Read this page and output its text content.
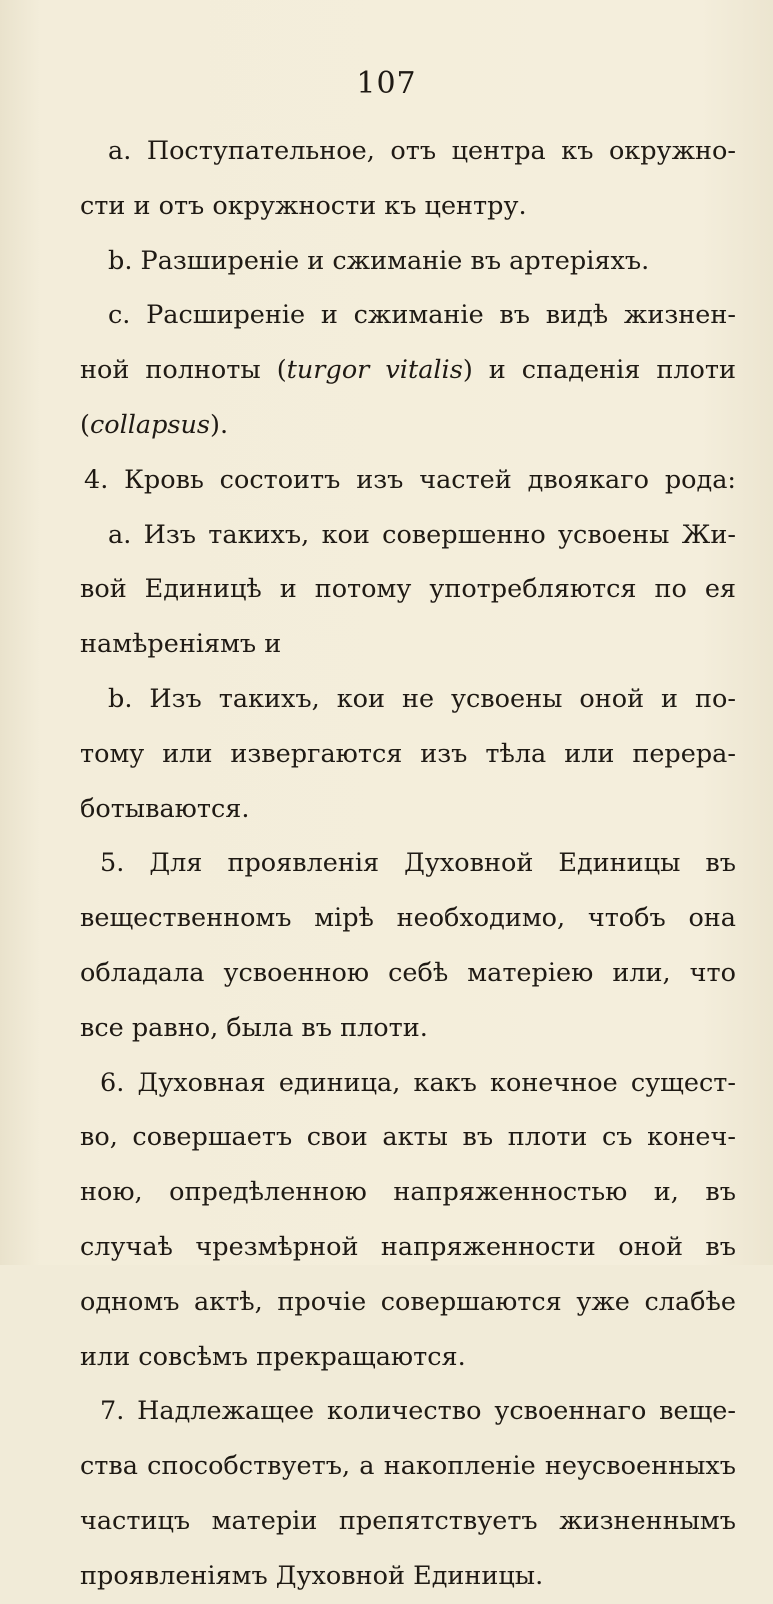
107
a. Поступательное, отъ центра къ окружно-
сти и отъ окружности къ центру.
b. Разширеніе и сжиманіе въ артеріяхъ.
c. Расширеніе и сжиманіе въ видѣ жизнен-
ной полноты (turgor vitalis) и спаденія плоти
(collapsus).
4. Кровь состоитъ изъ частей двоякаго рода:
a. Изъ такихъ, кои совершенно усвоены Жи-
вой Единицѣ и потому употребляются по ея
намѣреніямъ и
b. Изъ такихъ, кои не усвоены оной и по-
тому или извергаются изъ тѣла или перера-
ботываются.
5. Для проявленія Духовной Единицы въ
вещественномъ мірѣ необходимо, чтобъ она
обладала усвоенною себѣ матеріею или, что
все равно, была въ плоти.
6. Духовная единица, какъ конечное сущест-
во, совершаетъ свои акты въ плоти съ конеч-
ною, опредѣленною напряженностью и, въ
случаѣ чрезмѣрной напряженности оной въ
одномъ актѣ, прочіе совершаются уже слабѣе
или совсѣмъ прекращаются.
7. Надлежащее количество усвоеннаго веще-
ства способствуетъ, а накопленіе неусвоенныхъ
частицъ матеріи препятствуетъ жизненнымъ
проявленіямъ Духовной Единицы.
